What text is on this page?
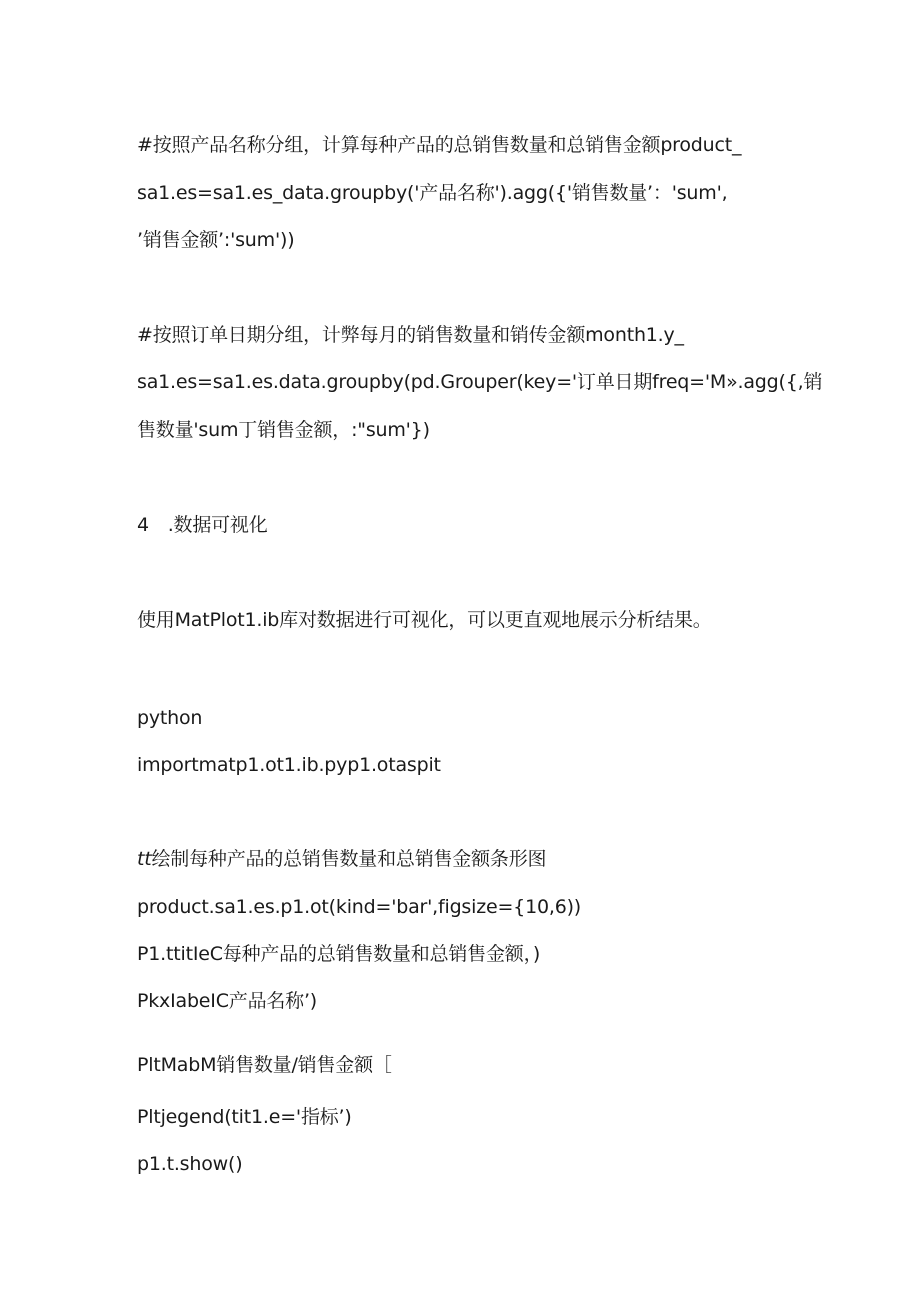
#按照产品名称分组，计算每种产品的总销售数量和总销售金额product_
sa1.es=sa1.es_data.groupby('产品名称').agg({'销售数量’：'sum',
’销售金额’:'sum'))
#按照订单日期分组，计弊每月的销售数量和销传金额month1.y_
sa1.es=sa1.es.data.groupby(pd.Grouper(key='订单日期freq='M».agg({,销
售数量'sum丁销售金额，:"sum'})
4　.数据可视化
使用MatPlot1.ib库对数据进行可视化，可以更直观地展示分析结果。
python
importmatp1.ot1.ib.pyp1.otaspit
tt绘制每种产品的总销售数量和总销售金额条形图
product.sa1.es.p1.ot(kind='bar',figsize={10,6))
P1.ttitIeC每种产品的总销售数量和总销售金额，)
PkxIabeIC产品名称’)
PltMabM销售数量/销售金额［
Pltjegend(tit1.e='指标’)
p1.t.show()
